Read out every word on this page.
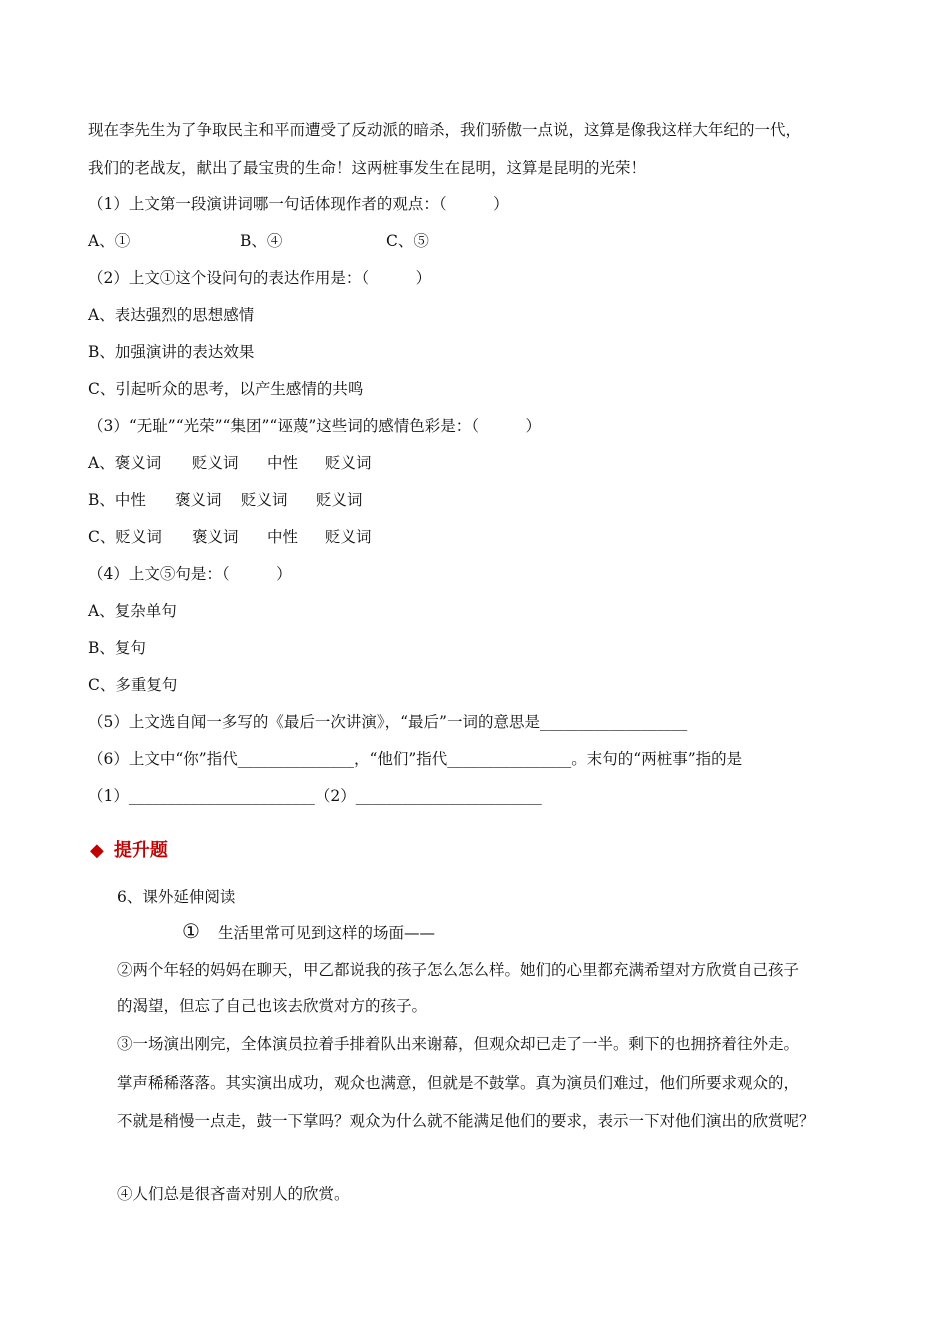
现在李先生为了争取民主和平而遭受了反动派的暗杀，我们骄傲一点说，这算是像我这样大年纪的一代，
我们的老战友，献出了最宝贵的生命！这两桩事发生在昆明，这算是昆明的光荣！
（1）上文第一段演讲词哪一句话体现作者的观点：（　　　）
A、①	B、④	C、⑤
（2）上文①这个设问句的表达作用是：（　　　）
A、表达强烈的思想感情
B、加强演讲的表达效果
C、引起听众的思考，以产生感情的共鸣
（3）“无耻”“光荣”“集团”“诬蔑”这些词的感情色彩是：（　　　）
A、褒义词 贬义词 中性 贬义词
B、中性 褒义词 贬义词 贬义词
C、贬义词 褒义词 中性 贬义词
（4）上文⑤句是：（　　　）
A、复杂单句
B、复句
C、多重复句
（5）上文选自闻一多写的《最后一次讲演》，“最后”一词的意思是___________________
（6）上文中“你”指代_______________，“他们”指代________________。末句的“两桩事”指的是
（1）________________________（2）________________________
◆ 提升题
6、课外延伸阅读
① 生活里常可见到这样的场面——
②两个年轻的妈妈在聊天，甲乙都说我的孩子怎么怎么样。她们的心里都充满希望对方欣赏自己孩子
的渴望，但忘了自己也该去欣赏对方的孩子。
③一场演出刚完，全体演员拉着手排着队出来谢幕，但观众却已走了一半。剩下的也拥挤着往外走。
掌声稀稀落落。其实演出成功，观众也满意，但就是不鼓掌。真为演员们难过，他们所要求观众的，
不就是稍慢一点走，鼓一下掌吗？观众为什么就不能满足他们的要求，表示一下对他们演出的欣赏呢？
④人们总是很吝啬对别人的欣赏。
